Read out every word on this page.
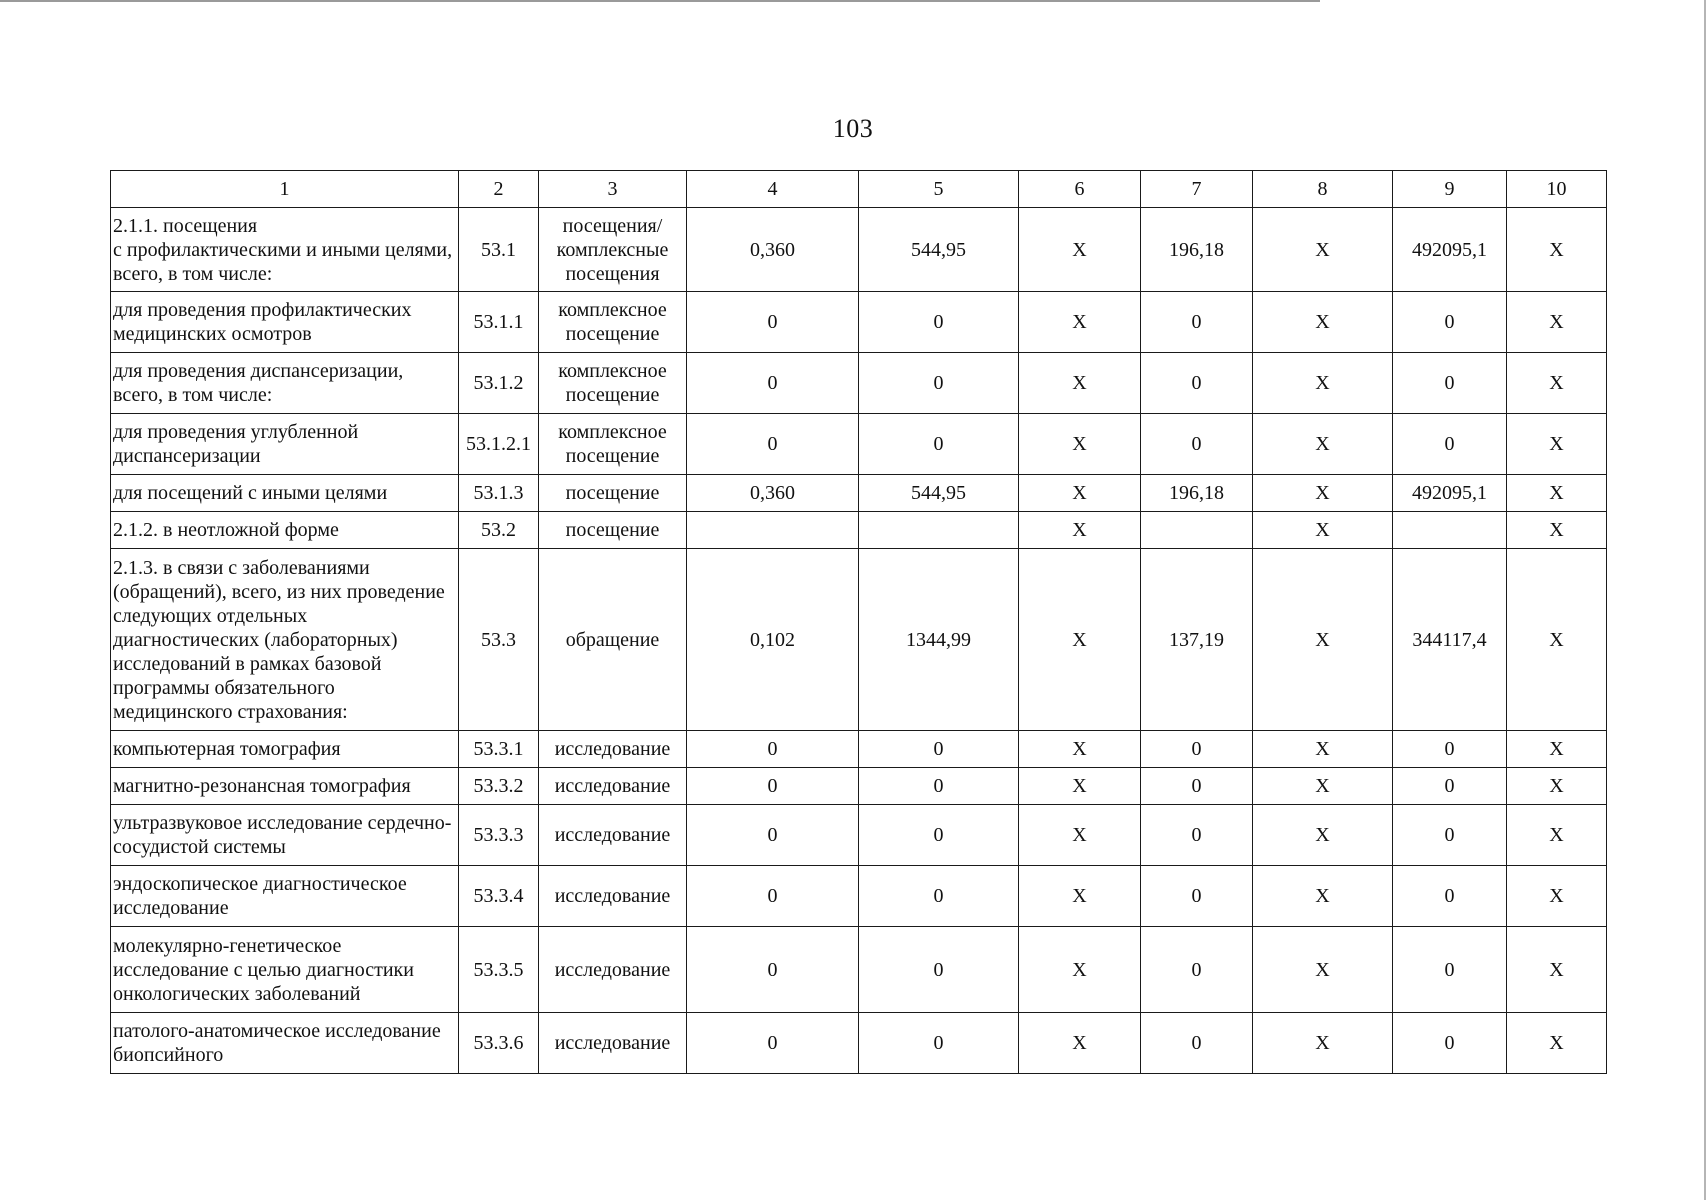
103
1	2	3	4	5	6	7	8	9	10
2.1.1. посещения
с профилактическими и иными целями, всего, в том числе:	53.1	посещения/ комплексные посещения	0,360	544,95	X	196,18	X	492095,1	X
для проведения профилактических медицинских осмотров	53.1.1	комплексное посещение	0	0	X	0	X	0	X
для проведения диспансеризации, всего, в том числе:	53.1.2	комплексное посещение	0	0	X	0	X	0	X
для проведения углубленной диспансеризации	53.1.2.1	комплексное посещение	0	0	X	0	X	0	X
для посещений с иными целями	53.1.3	посещение	0,360	544,95	X	196,18	X	492095,1	X
2.1.2. в неотложной форме	53.2	посещение			X		X		X
2.1.3. в связи с заболеваниями (обращений), всего, из них проведение следующих отдельных диагностических (лабораторных) исследований в рамках базовой программы обязательного медицинского страхования:	53.3	обращение	0,102	1344,99	X	137,19	X	344117,4	X
компьютерная томография	53.3.1	исследование	0	0	X	0	X	0	X
магнитно-резонансная томография	53.3.2	исследование	0	0	X	0	X	0	X
ультразвуковое исследование сердечно-сосудистой системы	53.3.3	исследование	0	0	X	0	X	0	X
эндоскопическое диагностическое исследование	53.3.4	исследование	0	0	X	0	X	0	X
молекулярно-генетическое исследование с целью диагностики онкологических заболеваний	53.3.5	исследование	0	0	X	0	X	0	X
патолого-анатомическое исследование биопсийного	53.3.6	исследование	0	0	X	0	X	0	X
